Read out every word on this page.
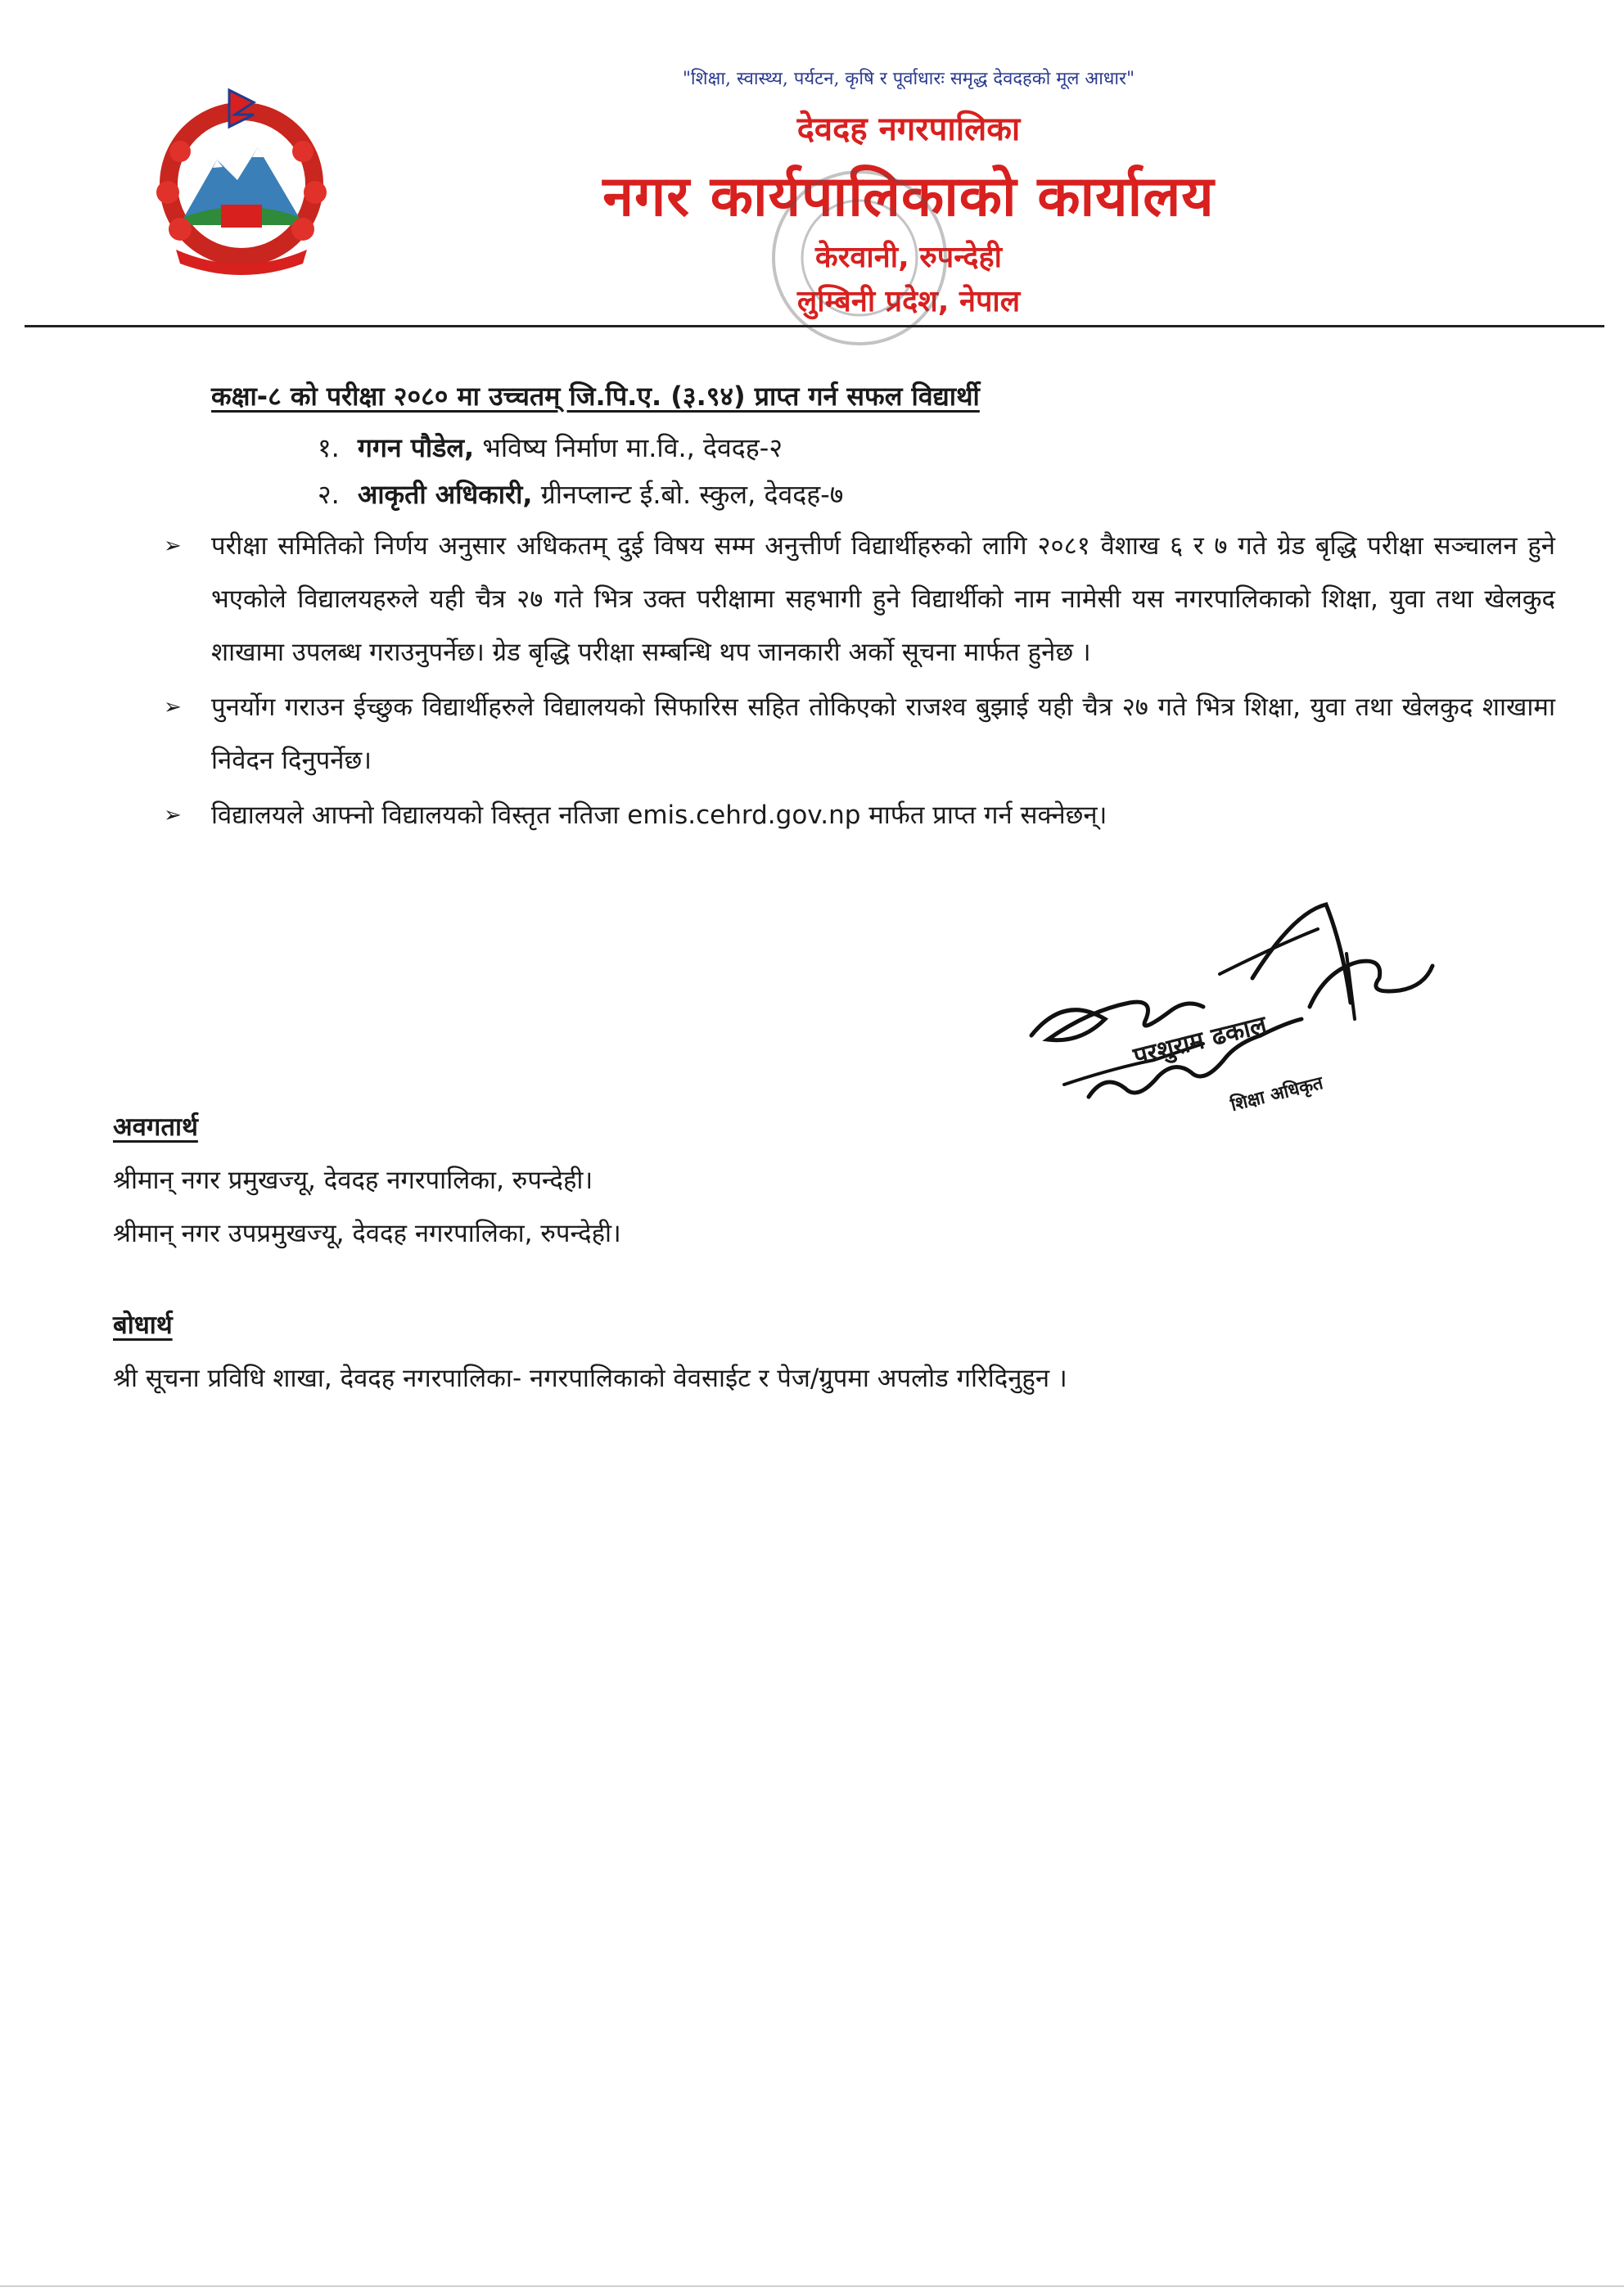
"शिक्षा, स्वास्थ्य, पर्यटन, कृषि र पूर्वाधारः समृद्ध देवदहको मूल आधार"
देवदह नगरपालिका
नगर कार्यपालिकाको कार्यालय
केरवानी, रुपन्देही
लुम्बिनी प्रदेश, नेपाल
कक्षा-८ को परीक्षा २०८० मा उच्चतम् जि.पि.ए. (३.९४) प्राप्त गर्न सफल विद्यार्थी
१. गगन पौडेल, भविष्य निर्माण मा.वि., देवदह-२
२. आकृती अधिकारी, ग्रीनप्लान्ट ई.बो. स्कुल, देवदह-७
➢ परीक्षा समितिको निर्णय अनुसार अधिकतम् दुई विषय सम्म अनुत्तीर्ण विद्यार्थीहरुको लागि २०८१ वैशाख ६ र ७ गते ग्रेड बृद्धि परीक्षा सञ्चालन हुने भएकोले विद्यालयहरुले यही चैत्र २७ गते भित्र उक्त परीक्षामा सहभागी हुने विद्यार्थीको नाम नामेसी यस नगरपालिकाको शिक्षा, युवा तथा खेलकुद शाखामा उपलब्ध गराउनुपर्नेछ। ग्रेड बृद्धि परीक्षा सम्बन्धि थप जानकारी अर्को सूचना मार्फत हुनेछ ।
➢ पुनर्योग गराउन ईच्छुक विद्यार्थीहरुले विद्यालयको सिफारिस सहित तोकिएको राजश्व बुझाई यही चैत्र २७ गते भित्र शिक्षा, युवा तथा खेलकुद शाखामा निवेदन दिनुपर्नेछ।
➢ विद्यालयले आफ्नो विद्यालयको विस्तृत नतिजा emis.cehrd.gov.np मार्फत प्राप्त गर्न सक्नेछन्।
परशुराम ढकाल
शिक्षा अधिकृत
अवगतार्थ
श्रीमान् नगर प्रमुखज्यू, देवदह नगरपालिका, रुपन्देही।
श्रीमान् नगर उपप्रमुखज्यू, देवदह नगरपालिका, रुपन्देही।
बोधार्थ
श्री सूचना प्रविधि शाखा, देवदह नगरपालिका- नगरपालिकाको वेवसाईट र पेज/ग्रुपमा अपलोड गरिदिनुहुन ।
